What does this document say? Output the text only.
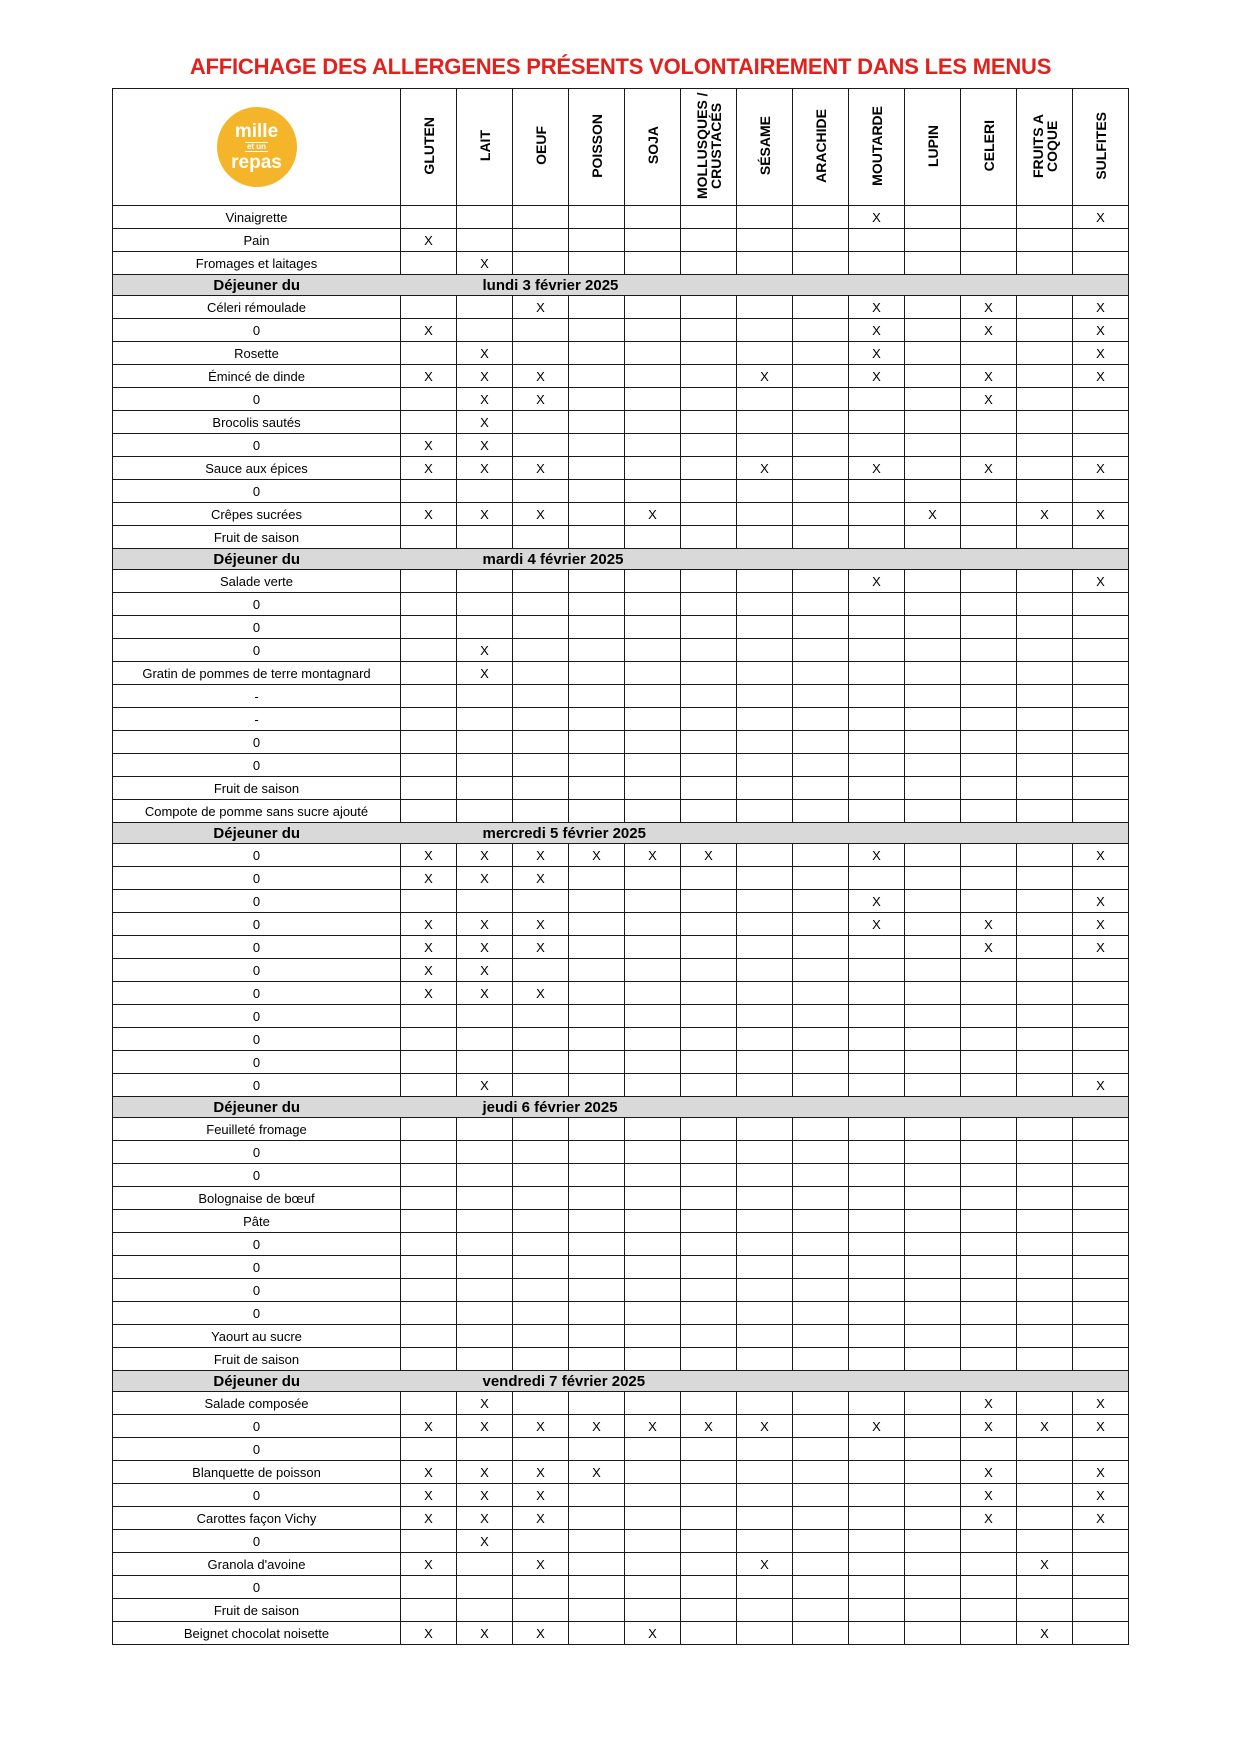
AFFICHAGE DES ALLERGENES PRÉSENTS VOLONTAIREMENT DANS LES MENUS
mille
et un
repas	GLUTEN	LAIT	OEUF	POISSON	SOJA	MOLLUSQUES / CRUSTACÉS	SÉSAME	ARACHIDE	MOUTARDE	LUPIN	CELERI	FRUITS A COQUE	SULFITES
Vinaigrette									X				X
Pain	X												
Fromages et laitages		X											
Déjeuner du	lundi 3 février 2025												
Céleri rémoulade			X						X		X		X
0	X								X		X		X
Rosette		X							X				X
Émincé de dinde	X	X	X				X		X		X		X
0		X	X								X		
Brocolis sautés		X											
0	X	X											
Sauce aux épices	X	X	X				X		X		X		X
0													
Crêpes sucrées	X	X	X		X					X		X	X
Fruit de saison													
Déjeuner du	mardi 4 février 2025												
Salade verte									X				X
0													
0													
0		X											
Gratin de pommes de terre montagnard		X											
-													
-													
0													
0													
Fruit de saison													
Compote de pomme sans sucre ajouté													
Déjeuner du	mercredi 5 février 2025												
0	X	X	X	X	X	X			X				X
0	X	X	X										
0									X				X
0	X	X	X						X		X		X
0	X	X	X								X		X
0	X	X											
0	X	X	X										
0													
0													
0													
0		X											X
Déjeuner du	jeudi 6 février 2025												
Feuilleté fromage													
0													
0													
Bolognaise de bœuf													
Pâte													
0													
0													
0													
0													
Yaourt au sucre													
Fruit de saison													
Déjeuner du	vendredi 7 février 2025												
Salade composée		X									X		X
0	X	X	X	X	X	X	X		X		X	X	X
0													
Blanquette de poisson	X	X	X	X							X		X
0	X	X	X								X		X
Carottes façon Vichy	X	X	X								X		X
0		X											
Granola d'avoine	X		X				X					X	
0													
Fruit de saison													
Beignet chocolat noisette	X	X	X		X							X	
